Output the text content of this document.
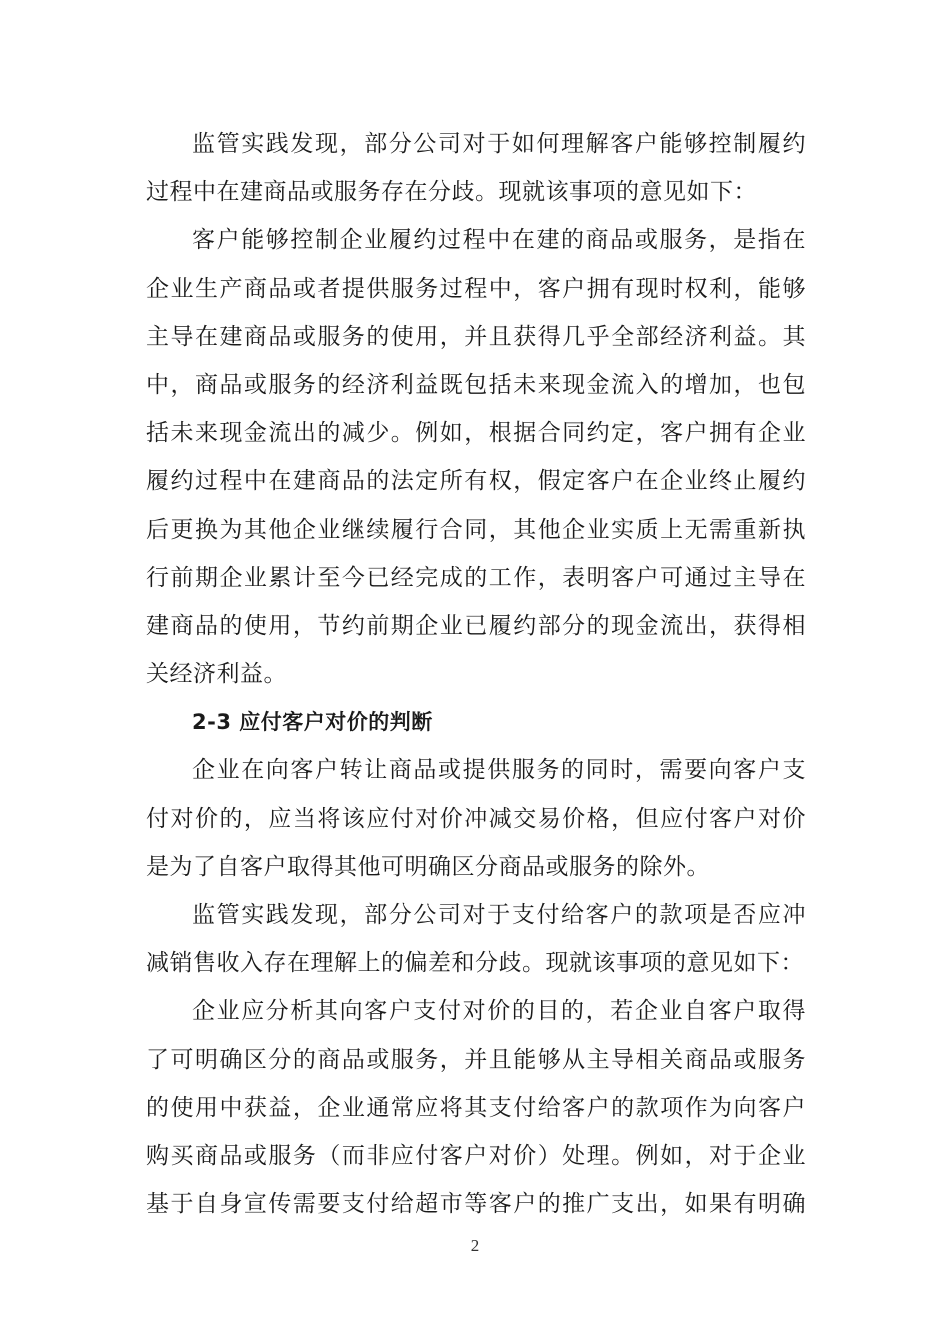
监管实践发现，部分公司对于如何理解客户能够控制履约
过程中在建商品或服务存在分歧。现就该事项的意见如下：
客户能够控制企业履约过程中在建的商品或服务，是指在
企业生产商品或者提供服务过程中，客户拥有现时权利，能够
主导在建商品或服务的使用，并且获得几乎全部经济利益。其
中，商品或服务的经济利益既包括未来现金流入的增加，也包
括未来现金流出的减少。例如，根据合同约定，客户拥有企业
履约过程中在建商品的法定所有权，假定客户在企业终止履约
后更换为其他企业继续履行合同，其他企业实质上无需重新执
行前期企业累计至今已经完成的工作，表明客户可通过主导在
建商品的使用，节约前期企业已履约部分的现金流出，获得相
关经济利益。
2-3 应付客户对价的判断
企业在向客户转让商品或提供服务的同时，需要向客户支
付对价的，应当将该应付对价冲减交易价格，但应付客户对价
是为了自客户取得其他可明确区分商品或服务的除外。
监管实践发现，部分公司对于支付给客户的款项是否应冲
减销售收入存在理解上的偏差和分歧。现就该事项的意见如下：
企业应分析其向客户支付对价的目的，若企业自客户取得
了可明确区分的商品或服务，并且能够从主导相关商品或服务
的使用中获益，企业通常应将其支付给客户的款项作为向客户
购买商品或服务（而非应付客户对价）处理。例如，对于企业
基于自身宣传需要支付给超市等客户的推广支出，如果有明确
2
